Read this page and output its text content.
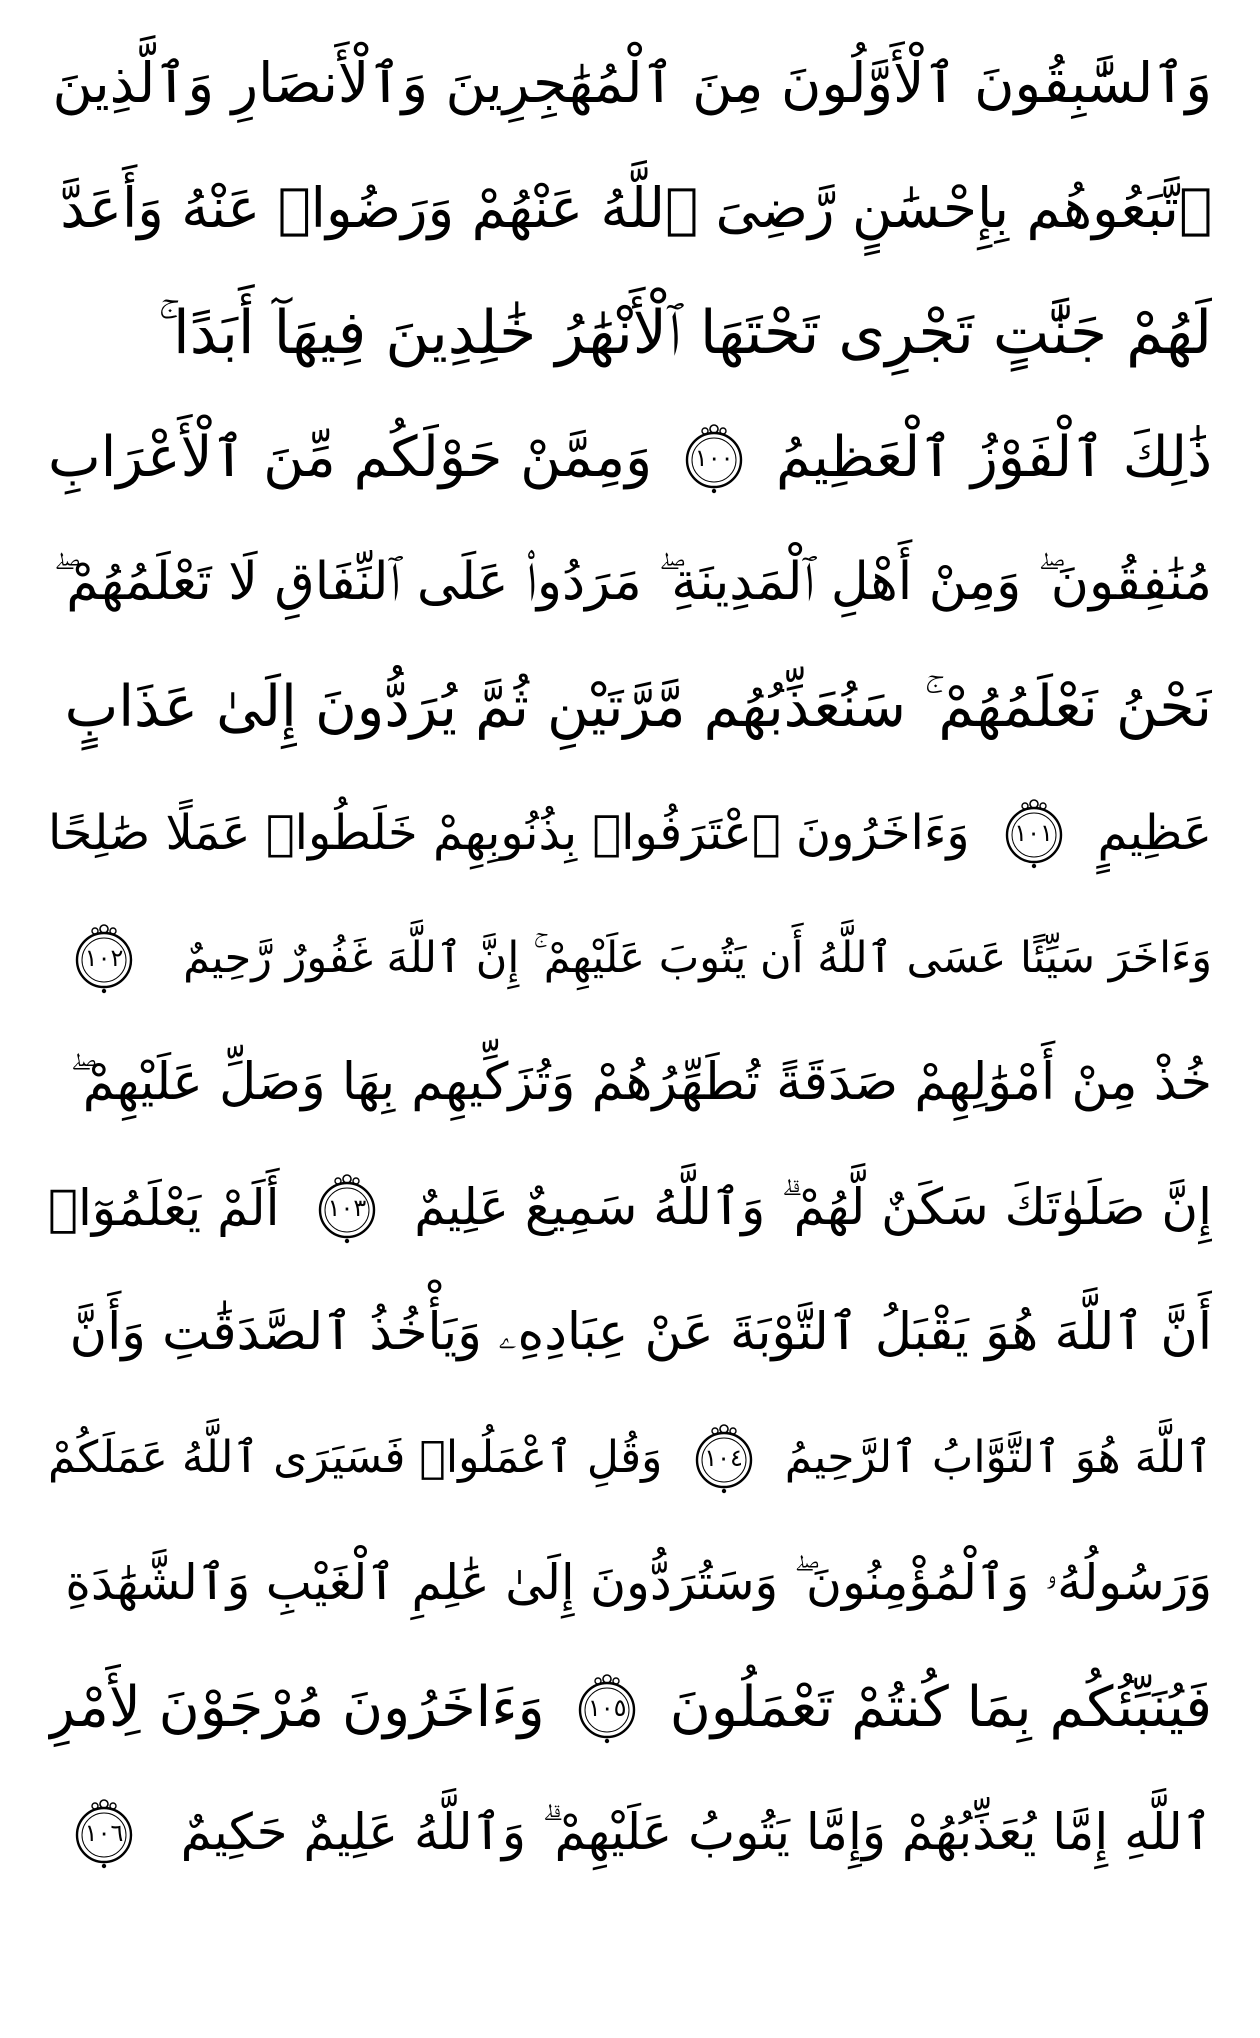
وَٱلسَّٰبِقُونَ ٱلْأَوَّلُونَ مِنَ ٱلْمُهَٰجِرِينَ وَٱلْأَنصَارِ وَٱلَّذِينَ
ٱتَّبَعُوهُم بِإِحْسَٰنٍ رَّضِىَ ٱللَّهُ عَنْهُمْ وَرَضُوا۟ عَنْهُ وَأَعَدَّ
لَهُمْ جَنَّٰتٍ تَجْرِى تَحْتَهَا ٱلْأَنْهَٰرُ خَٰلِدِينَ فِيهَآ أَبَدًا ۚ
ذَٰلِكَ ٱلْفَوْزُ ٱلْعَظِيمُ
١٠٠
وَمِمَّنْ حَوْلَكُم مِّنَ ٱلْأَعْرَابِ
مُنَٰفِقُونَ ۖ وَمِنْ أَهْلِ ٱلْمَدِينَةِ ۖ مَرَدُوا۟ عَلَى ٱلنِّفَاقِ لَا تَعْلَمُهُمْ ۖ
نَحْنُ نَعْلَمُهُمْ ۚ سَنُعَذِّبُهُم مَّرَّتَيْنِ ثُمَّ يُرَدُّونَ إِلَىٰ عَذَابٍ
عَظِيمٍ
١٠١
وَءَاخَرُونَ ٱعْتَرَفُوا۟ بِذُنُوبِهِمْ خَلَطُوا۟ عَمَلًا صَٰلِحًا
وَءَاخَرَ سَيِّئًا عَسَى ٱللَّهُ أَن يَتُوبَ عَلَيْهِمْ ۚ إِنَّ ٱللَّهَ غَفُورٌ رَّحِيمٌ
١٠٢
خُذْ مِنْ أَمْوَٰلِهِمْ صَدَقَةً تُطَهِّرُهُمْ وَتُزَكِّيهِم بِهَا وَصَلِّ عَلَيْهِمْ ۖ
إِنَّ صَلَوٰتَكَ سَكَنٌ لَّهُمْ ۗ وَٱللَّهُ سَمِيعٌ عَلِيمٌ
١٠٣
أَلَمْ يَعْلَمُوٓا۟
أَنَّ ٱللَّهَ هُوَ يَقْبَلُ ٱلتَّوْبَةَ عَنْ عِبَادِهِۦ وَيَأْخُذُ ٱلصَّدَقَٰتِ وَأَنَّ
ٱللَّهَ هُوَ ٱلتَّوَّابُ ٱلرَّحِيمُ
١٠٤
وَقُلِ ٱعْمَلُوا۟ فَسَيَرَى ٱللَّهُ عَمَلَكُمْ
وَرَسُولُهُۥ وَٱلْمُؤْمِنُونَ ۖ وَسَتُرَدُّونَ إِلَىٰ عَٰلِمِ ٱلْغَيْبِ وَٱلشَّهَٰدَةِ
فَيُنَبِّئُكُم بِمَا كُنتُمْ تَعْمَلُونَ
١٠٥
وَءَاخَرُونَ مُرْجَوْنَ لِأَمْرِ
ٱللَّهِ إِمَّا يُعَذِّبُهُمْ وَإِمَّا يَتُوبُ عَلَيْهِمْ ۗ وَٱللَّهُ عَلِيمٌ حَكِيمٌ
١٠٦
